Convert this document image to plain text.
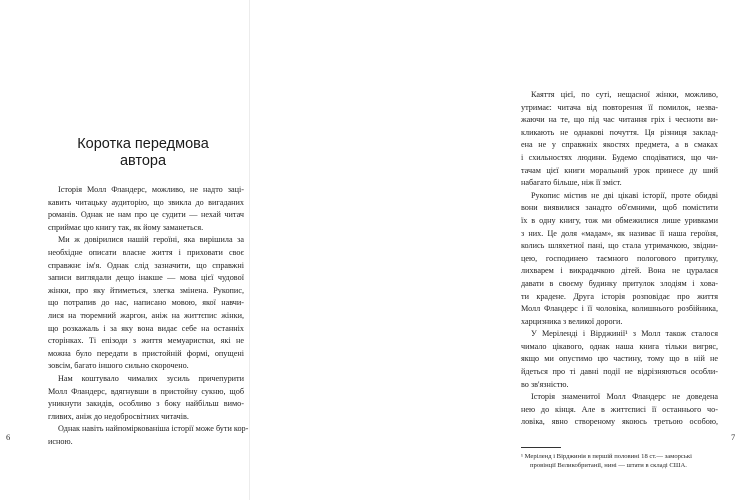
Коротка передмова
автора
Історія Молл Фландерс, можливо, не надто заці-
кавить читацьку аудиторію, що звикла до вигаданих
романів. Однак не нам про це судити — нехай читач
сприймає цю книгу так, як йому заманеться.
Ми ж довірилися нашій героїні, яка вирішила за
необхідне описати власне життя і приховати своє
справжнє ім'я. Однак слід зазначити, що справжні
записи виглядали дещо інакше — мова цієї чудової
жінки, про яку йтиметься, злегка змінена. Рукопис,
що потрапив до нас, написано мовою, якої навчи-
лися на тюремний жаргон, аніж на життєпис жінки,
що розкажаль і за яку вона видає себе на останніх
сторінках. Ті епізоди з життя мемуаристки, які не
можна було передати в пристойній формі, опущені
зовсім, багато іншого сильно скорочено.
Нам коштувало чималих зусиль причепурити
Молл Фландерс, вдягнувши в пристойну сукню, щоб
уникнути закидів, особливо з боку найбільш вимо-
гливих, аніж до недобросвітних читачів.
Однак навіть найпоміркованіша історії може бути кор-
исною.
6
Каяття цієї, по суті, нещасної жінки, можливо,
утримає: читача від повторення її помилок, незва-
жаючи на те, що під час читання гріх і чесноти ви-
кликають не однакові почуття. Ця різниця заклад-
ена не у справжніх якостях предмета, а в смаках
і схильностях людини. Будемо сподіватися, що чи-
тачам цієї книги моральний урок принесе ду ший
набагато більше, ніж її зміст.
Рукопис містив не дві цікаві історії, проте обидві
вони виявилися занадто об'ємними, щоб помістити
їх в одну книгу, тож ми обмежилися лише уривками
з них. Це доля «мадам», як називає її наша героїня,
колись шляхетної пані, що стала утримачкою, звідни-
цею, господинею таємного пологового притулку,
лихварем і викрадачкою дітей. Вона не цуралася
давати в своєму будинку притулок злодіям і хова-
ти крадене. Друга історія розповідає про життя
Молл Фландерс і її чоловіка, колишнього розбійника,
харцизника з великої дороги.
У Мерілендi і Вірджинії¹ з Молл також сталося
чимало цікавого, однак наша книга тільки вигряс,
якщо ми опустимо цю частину, тому що в ній не
йдеться про ті давні події не відрізняються особли-
во зв'язністю.
Історія знаменитої Молл Фландерс не доведена
нею до кінця. Але в життєписі її останнього чо-
ловіка, явно створеному якоюсь третьою особою,
¹ Меріленд і Вірджинія в першій половині 18 ст.— заморські
провінції Великобританії, нині — штати в складі США.
7
